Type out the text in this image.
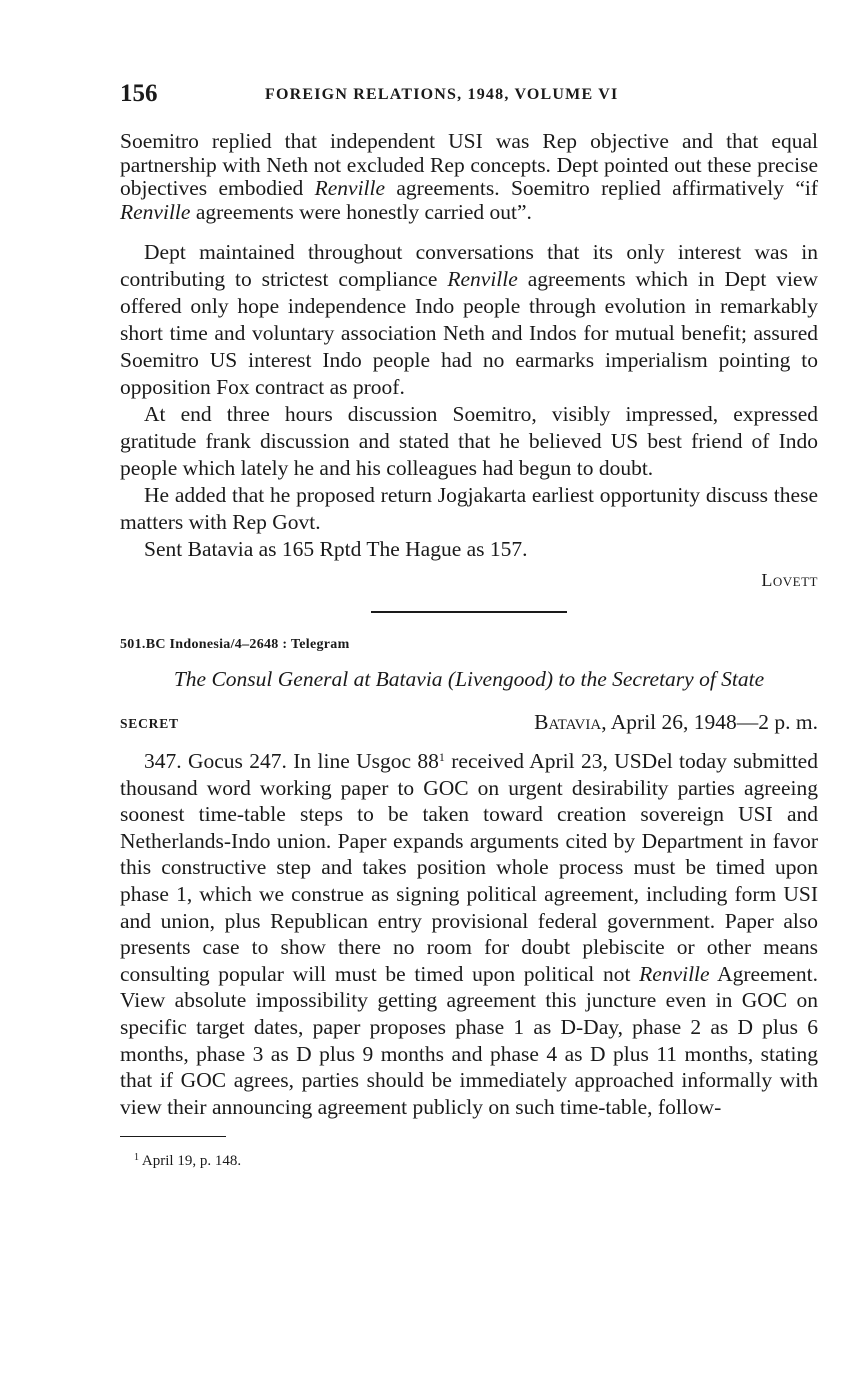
156	FOREIGN RELATIONS, 1948, VOLUME VI

Soemitro replied that independent USI was Rep objective and that equal partnership with Neth not excluded Rep concepts. Dept pointed out these precise objectives embodied Renville agreements. Soemitro replied affirmatively “if Renville agreements were honestly carried out”.

Dept maintained throughout conversations that its only interest was in contributing to strictest compliance Renville agreements which in Dept view offered only hope independence Indo people through evolution in remarkably short time and voluntary association Neth and Indos for mutual benefit; assured Soemitro US interest Indo people had no earmarks imperialism pointing to opposition Fox contract as proof.

At end three hours discussion Soemitro, visibly impressed, expressed gratitude frank discussion and stated that he believed US best friend of Indo people which lately he and his colleagues had begun to doubt.

He added that he proposed return Jogjakarta earliest opportunity discuss these matters with Rep Govt.

Sent Batavia as 165 Rptd The Hague as 157.

Lovett
501.BC Indonesia/4–2648 : Telegram
The Consul General at Batavia (Livengood) to the Secretary of State
SECRET	Batavia, April 26, 1948—2 p. m.

347. Gocus 247. In line Usgoc $88^1$ received April 23, USDel today submitted thousand word working paper to GOC on urgent desirability parties agreeing soonest time-table steps to be taken toward creation sovereign USI and Netherlands-Indo union. Paper expands arguments cited by Department in favor this constructive step and takes position whole process must be timed upon phase 1, which we construe as signing political agreement, including form USI and union, plus Republican entry provisional federal government. Paper also presents case to show there no room for doubt plebiscite or other means consulting popular will must be timed upon political not Renville Agreement. View absolute impossibility getting agreement this juncture even in GOC on specific target dates, paper proposes phase 1 as D-Day, phase 2 as D plus 6 months, phase 3 as D plus 9 months and phase 4 as D plus 11 months, stating that if GOC agrees, parties should be immediately approached informally with view their announcing agreement publicly on such time-table, follow-

$^1$ April 19, p. 148.
